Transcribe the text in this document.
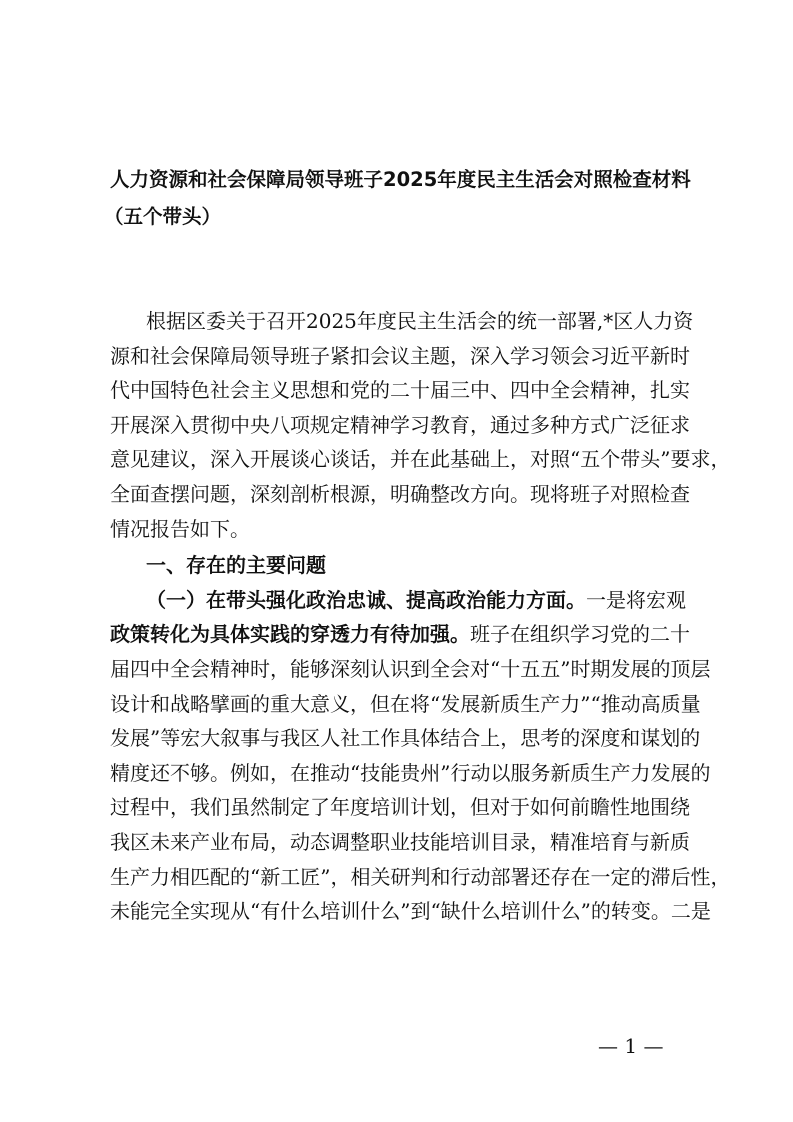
人力资源和社会保障局领导班子2025年度民主生活会对照检查材料
（五个带头）
根据区委关于召开2025年度民主生活会的统一部署,*区人力资
源和社会保障局领导班子紧扣会议主题，深入学习领会习近平新时
代中国特色社会主义思想和党的二十届三中、四中全会精神，扎实
开展深入贯彻中央八项规定精神学习教育，通过多种方式广泛征求
意见建议，深入开展谈心谈话，并在此基础上，对照“五个带头”要求，
全面查摆问题，深刻剖析根源，明确整改方向。现将班子对照检查
情况报告如下。
一、存在的主要问题
（一）在带头强化政治忠诚、提高政治能力方面。一是将宏观
政策转化为具体实践的穿透力有待加强。班子在组织学习党的二十
届四中全会精神时，能够深刻认识到全会对“十五五”时期发展的顶层
设计和战略擘画的重大意义，但在将“发展新质生产力”“推动高质量
发展”等宏大叙事与我区人社工作具体结合上，思考的深度和谋划的
精度还不够。例如，在推动“技能贵州”行动以服务新质生产力发展的
过程中，我们虽然制定了年度培训计划，但对于如何前瞻性地围绕
我区未来产业布局，动态调整职业技能培训目录，精准培育与新质
生产力相匹配的“新工匠”，相关研判和行动部署还存在一定的滞后性，
未能完全实现从“有什么培训什么”到“缺什么培训什么”的转变。二是
— 1 —
